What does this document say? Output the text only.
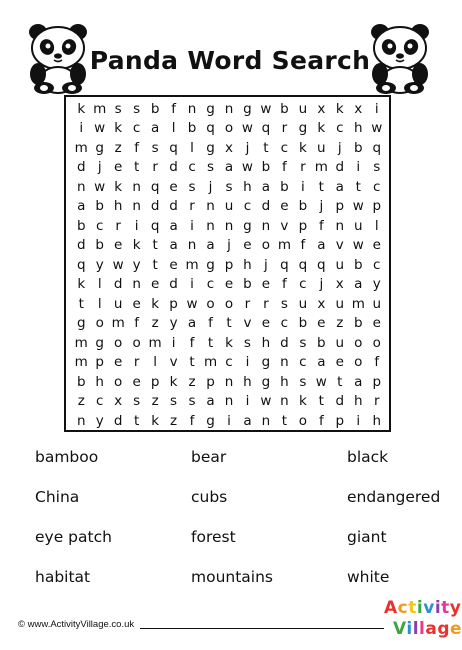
Panda Word Search
k m s s b f n g n g w b u x k x i
i w k c a l b q o w q r g k c h w
m g z f s q l g x j	t c k u j b q
d j e t r d c s a w b f r m d i s
n w k n q e s j s h a b i	t a t c
a b h n d d r n u c d e b j p w p
b c r	i q a i n n g n v p f n u l
d b e k t a n a j e o m f a v w e
q y w y t e m g p h j q q q u b c
k l d n e d i c e b e f c j x a y
t	l u e k p w o o r r s u x u m u
g o m f z y a f t v e c b e z b e
m g o o m i	f t k s h d s b u o o
m p e r	l v t m c i g n c a e o f
b h o e p k z p n h g h s w t a p
z c x s z s s a n i w n k t d h r
n y d t k z f g i a n t o f p i h
bamboo	bear	black
China	cubs	endangered
eye patch	forest	giant
habitat	mountains	white
© www.ActivityVillage.co.uk
Activity
Village
